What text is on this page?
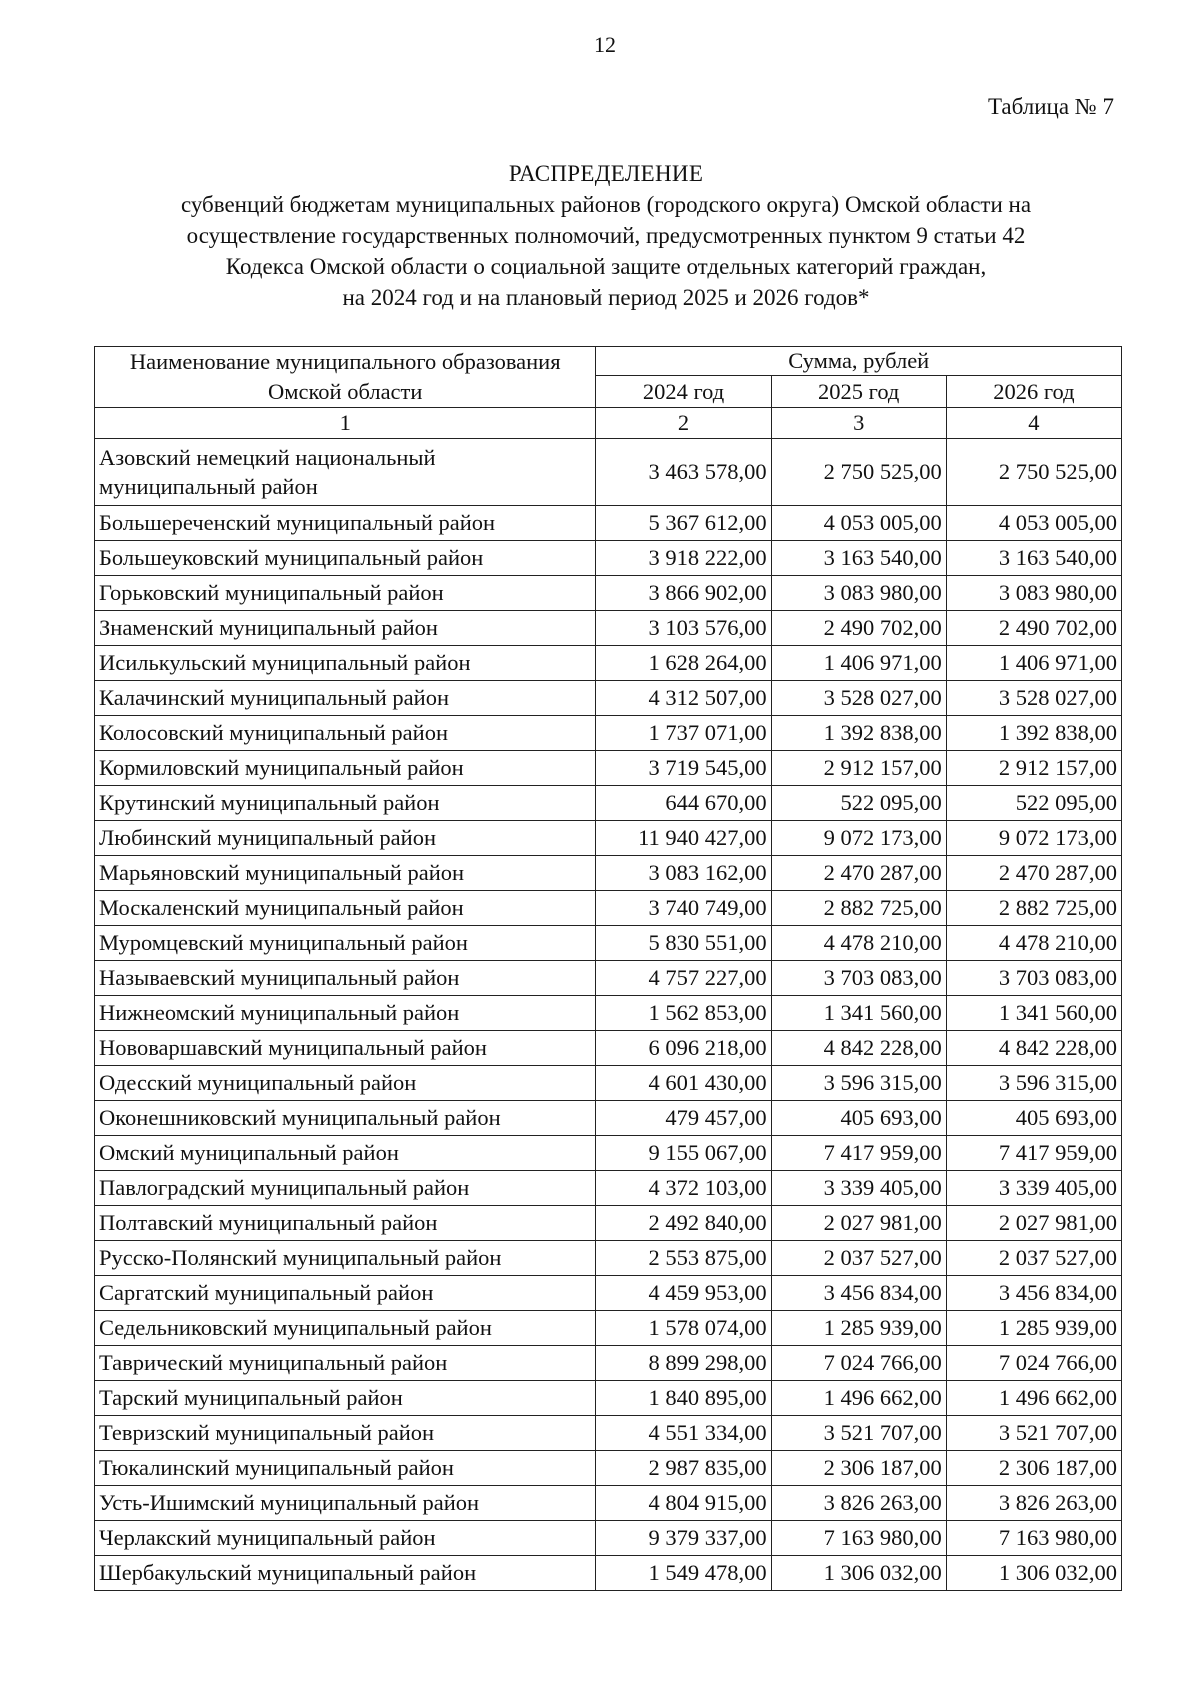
12
Таблица № 7
РАСПРЕДЕЛЕНИЕ
субвенций бюджетам муниципальных районов (городского округа) Омской области на
осуществление государственных полномочий, предусмотренных пунктом 9 статьи 42
Кодекса Омской области о социальной защите отдельных категорий граждан,
на 2024 год и на плановый период 2025 и 2026 годов*
Наименование муниципального образования Омской области	Сумма, рублей		
	2024 год	2025 год	2026 год
1	2	3	4
Азовский немецкий национальный муниципальный район	3 463 578,00	2 750 525,00	2 750 525,00
Большереченский муниципальный район	5 367 612,00	4 053 005,00	4 053 005,00
Большеуковский муниципальный район	3 918 222,00	3 163 540,00	3 163 540,00
Горьковский муниципальный район	3 866 902,00	3 083 980,00	3 083 980,00
Знаменский муниципальный район	3 103 576,00	2 490 702,00	2 490 702,00
Исилькульский муниципальный район	1 628 264,00	1 406 971,00	1 406 971,00
Калачинский муниципальный район	4 312 507,00	3 528 027,00	3 528 027,00
Колосовский муниципальный район	1 737 071,00	1 392 838,00	1 392 838,00
Кормиловский муниципальный район	3 719 545,00	2 912 157,00	2 912 157,00
Крутинский муниципальный район	644 670,00	522 095,00	522 095,00
Любинский муниципальный район	11 940 427,00	9 072 173,00	9 072 173,00
Марьяновский муниципальный район	3 083 162,00	2 470 287,00	2 470 287,00
Москаленский муниципальный район	3 740 749,00	2 882 725,00	2 882 725,00
Муромцевский муниципальный район	5 830 551,00	4 478 210,00	4 478 210,00
Называевский муниципальный район	4 757 227,00	3 703 083,00	3 703 083,00
Нижнеомский муниципальный район	1 562 853,00	1 341 560,00	1 341 560,00
Нововаршавский муниципальный район	6 096 218,00	4 842 228,00	4 842 228,00
Одесский муниципальный район	4 601 430,00	3 596 315,00	3 596 315,00
Оконешниковский муниципальный район	479 457,00	405 693,00	405 693,00
Омский муниципальный район	9 155 067,00	7 417 959,00	7 417 959,00
Павлоградский муниципальный район	4 372 103,00	3 339 405,00	3 339 405,00
Полтавский муниципальный район	2 492 840,00	2 027 981,00	2 027 981,00
Русско-Полянский муниципальный район	2 553 875,00	2 037 527,00	2 037 527,00
Саргатский муниципальный район	4 459 953,00	3 456 834,00	3 456 834,00
Седельниковский муниципальный район	1 578 074,00	1 285 939,00	1 285 939,00
Таврический муниципальный район	8 899 298,00	7 024 766,00	7 024 766,00
Тарский муниципальный район	1 840 895,00	1 496 662,00	1 496 662,00
Тевризский муниципальный район	4 551 334,00	3 521 707,00	3 521 707,00
Тюкалинский муниципальный район	2 987 835,00	2 306 187,00	2 306 187,00
Усть-Ишимский муниципальный район	4 804 915,00	3 826 263,00	3 826 263,00
Черлакский муниципальный район	9 379 337,00	7 163 980,00	7 163 980,00
Шербакульский муниципальный район	1 549 478,00	1 306 032,00	1 306 032,00
